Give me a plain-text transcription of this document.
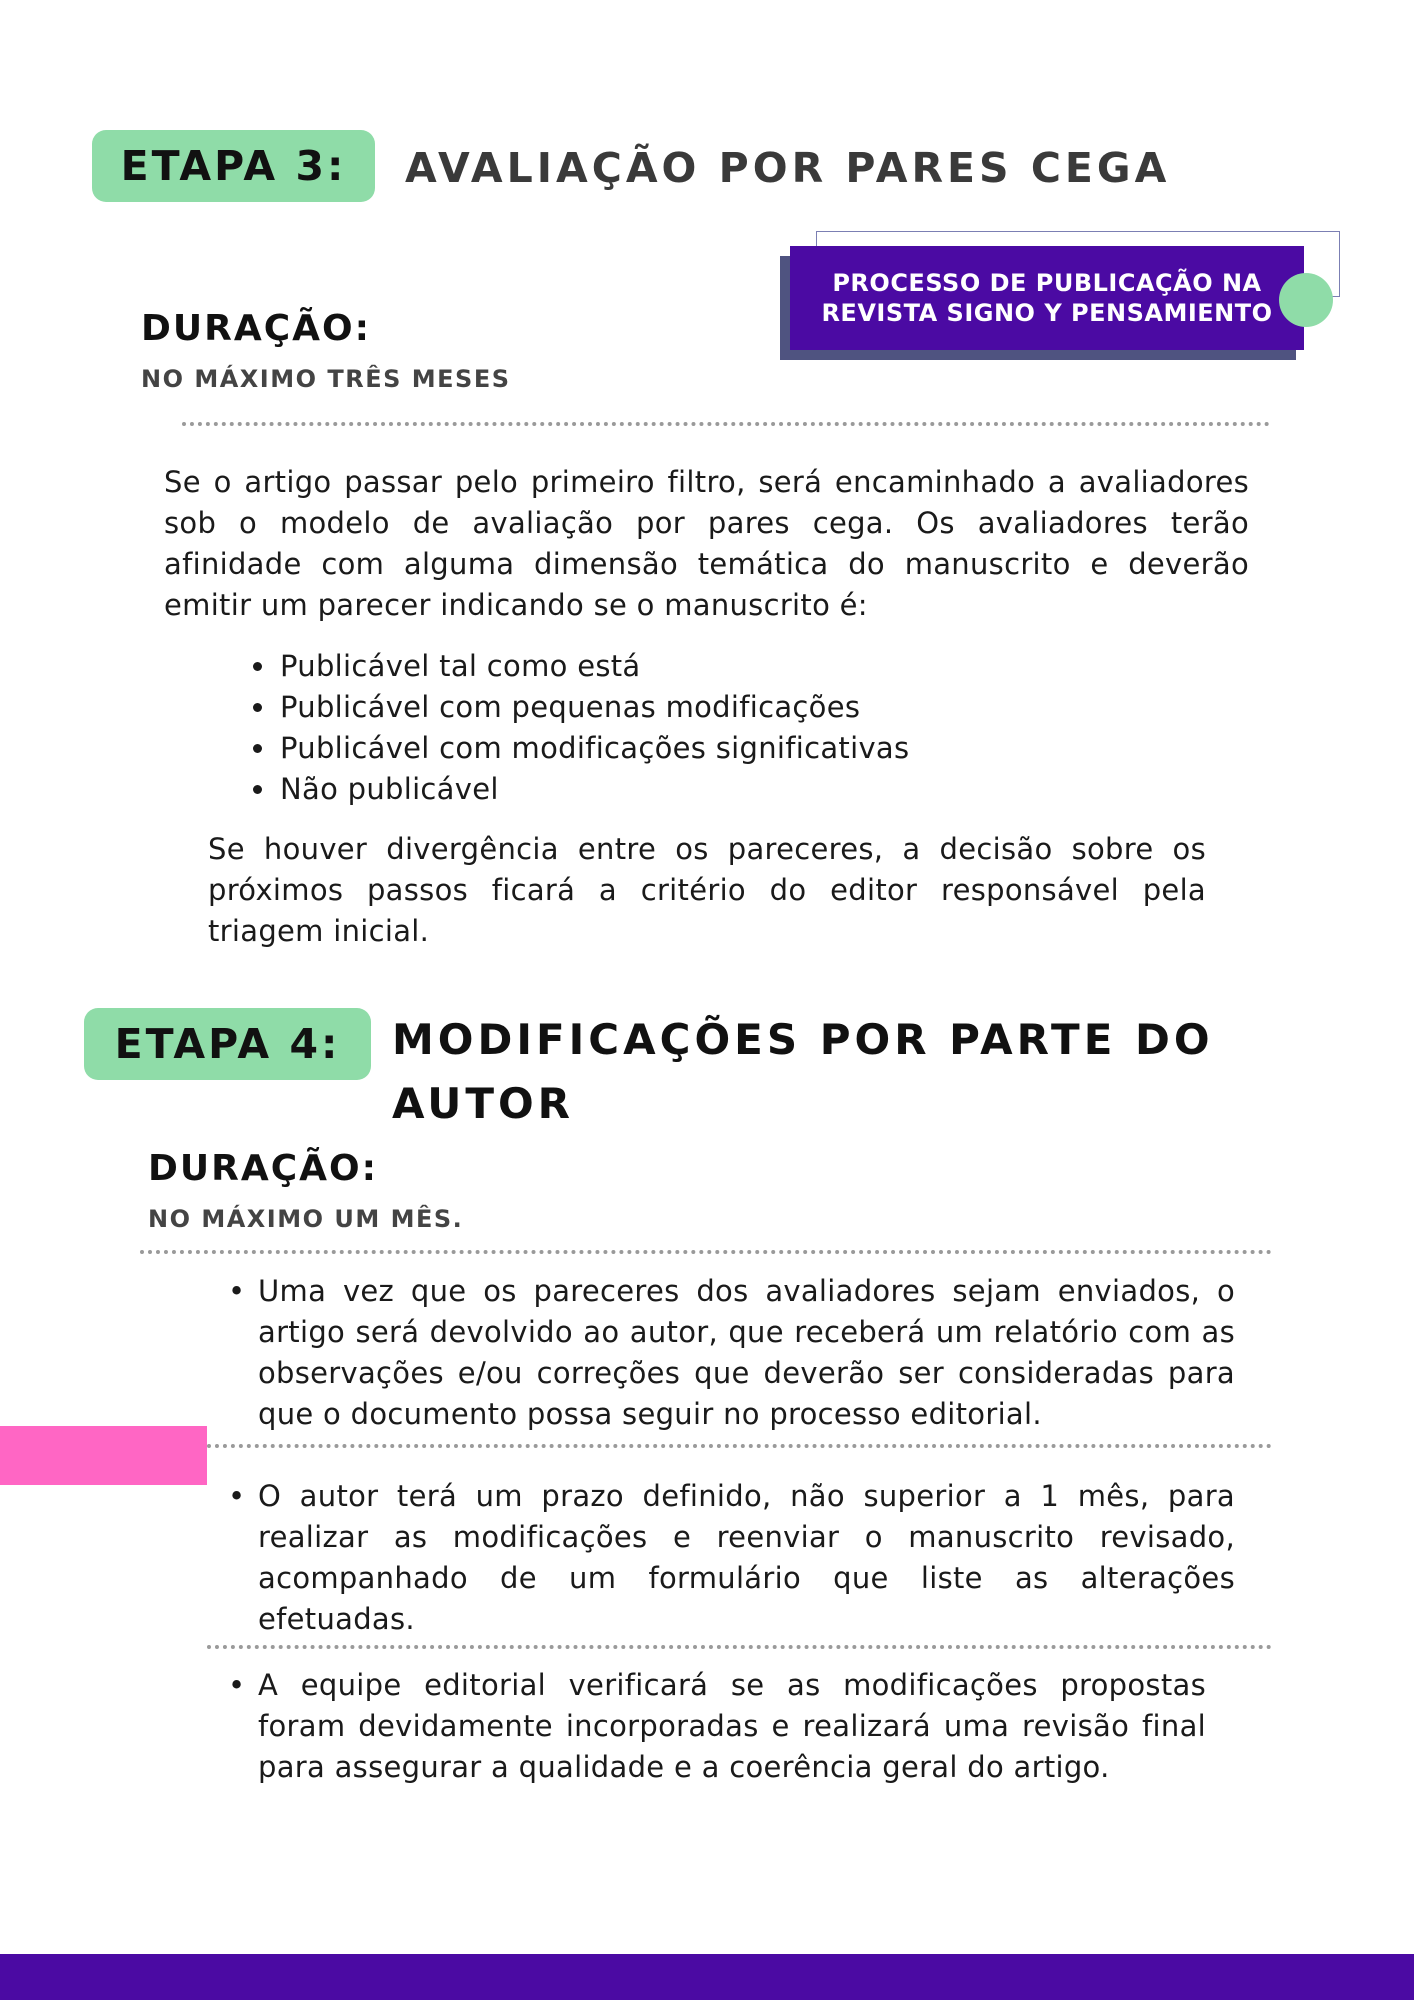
ETAPA 3: AVALIAÇÃO POR PARES CEGA
PROCESSO DE PUBLICAÇÃO NA REVISTA SIGNO Y PENSAMIENTO
DURAÇÃO:
NO MÁXIMO TRÊS MESES
Se o artigo passar pelo primeiro filtro, será encaminhado a avaliadores sob o modelo de avaliação por pares cega. Os avaliadores terão afinidade com alguma dimensão temática do manuscrito e deverão emitir um parecer indicando se o manuscrito é:
• Publicável tal como está
• Publicável com pequenas modificações
• Publicável com modificações significativas
• Não publicável
Se houver divergência entre os pareceres, a decisão sobre os próximos passos ficará a critério do editor responsável pela triagem inicial.
ETAPA 4: MODIFICAÇÕES POR PARTE DO
AUTOR
DURAÇÃO:
NO MÁXIMO UM MÊS.
• Uma vez que os pareceres dos avaliadores sejam enviados, o artigo será devolvido ao autor, que receberá um relatório com as observações e/ou correções que deverão ser consideradas para que o documento possa seguir no processo editorial.
• O autor terá um prazo definido, não superior a 1 mês, para realizar as modificações e reenviar o manuscrito revisado, acompanhado de um formulário que liste as alterações efetuadas.
• A equipe editorial verificará se as modificações propostas foram devidamente incorporadas e realizará uma revisão final para assegurar a qualidade e a coerência geral do artigo.
